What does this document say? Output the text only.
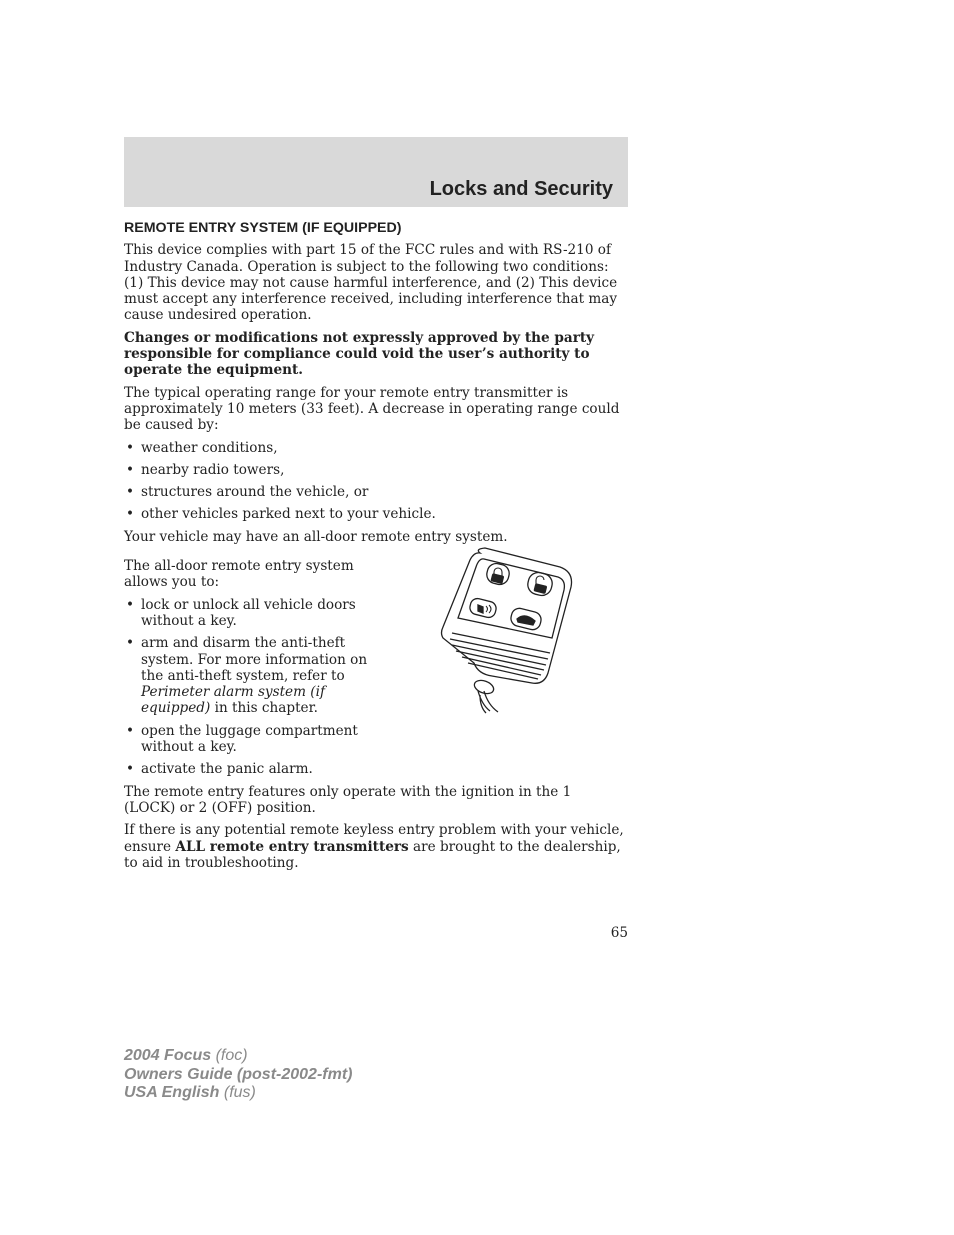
Locks and Security
REMOTE ENTRY SYSTEM (IF EQUIPPED)

This device complies with part 15 of the FCC rules and with RS-210 of Industry Canada. Operation is subject to the following two conditions: (1) This device may not cause harmful interference, and (2) This device must accept any interference received, including interference that may cause undesired operation.

Changes or modifications not expressly approved by the party responsible for compliance could void the user’s authority to operate the equipment.

The typical operating range for your remote entry transmitter is approximately 10 meters (33 feet). A decrease in operating range could be caused by:

• weather conditions,
• nearby radio towers,
• structures around the vehicle, or
• other vehicles parked next to your vehicle.

Your vehicle may have an all-door remote entry system.

The all-door remote entry system allows you to:

• lock or unlock all vehicle doors without a key.
• arm and disarm the anti-theft system. For more information on the anti-theft system, refer to Perimeter alarm system (if equipped) in this chapter.
• open the luggage compartment without a key.
• activate the panic alarm.

The remote entry features only operate with the ignition in the 1 (LOCK) or 2 (OFF) position.

If there is any potential remote keyless entry problem with your vehicle, ensure ALL remote entry transmitters are brought to the dealership, to aid in troubleshooting.

65
2004 Focus (foc)
Owners Guide (post-2002-fmt)
USA English (fus)
